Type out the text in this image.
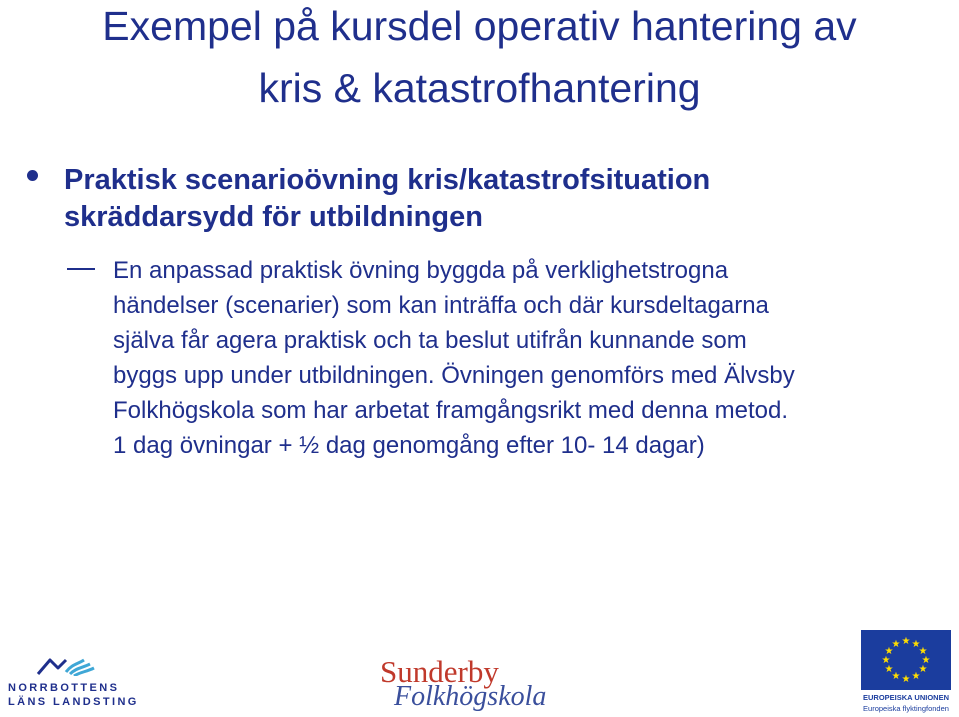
Exempel på kursdel operativ hantering av
kris & katastrofhantering
Praktisk scenarioövning kris/katastrofsituation
skräddarsydd för utbildningen
En anpassad praktisk övning byggda på verklighetstrogna
händelser (scenarier) som kan inträffa och där kursdeltagarna
själva får agera praktisk och ta beslut utifrån kunnande som
byggs upp under utbildningen. Övningen genomförs med Älvsby
Folkhögskola som har arbetat framgångsrikt med denna metod.
1 dag övningar + ½ dag genomgång efter 10- 14 dagar)
NORRBOTTENS
LÄNS LANDSTING
Sunderby
Folkhögskola
★ ★
★
★
★
★
★
★
★
★
★
★
EUROPEISKA UNIONEN
Europeiska flyktingfonden
